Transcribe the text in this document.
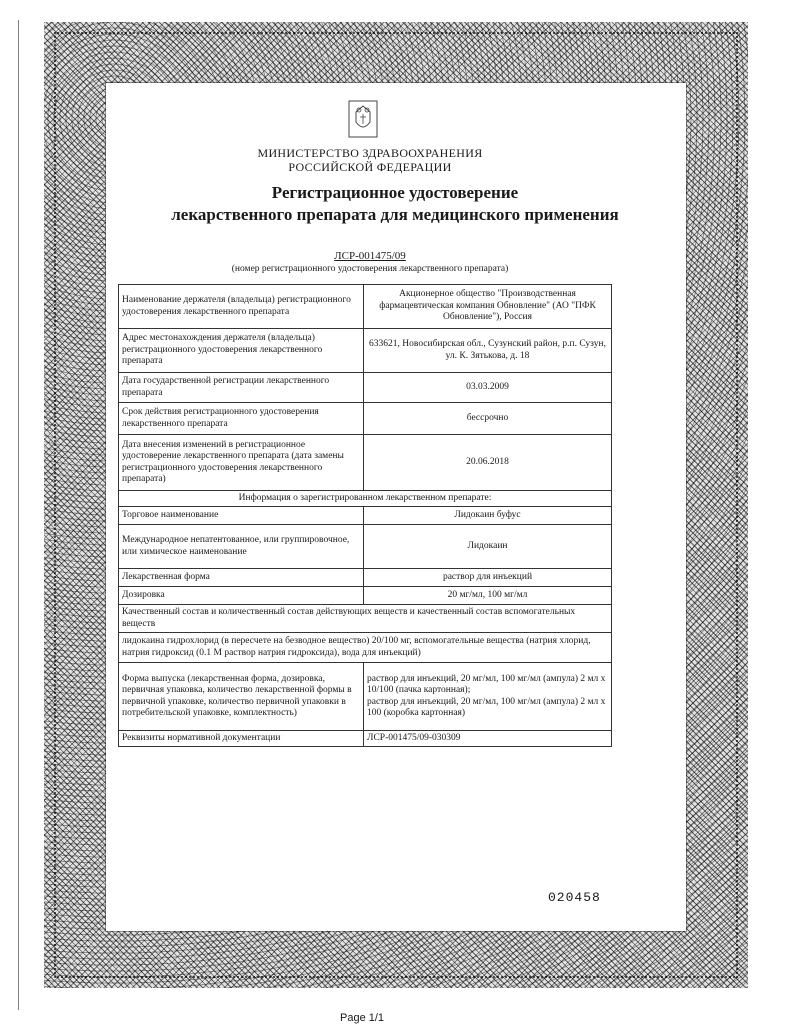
МИНИСТЕРСТВО ЗДРАВООХРАНЕНИЯ
РОССИЙСКОЙ ФЕДЕРАЦИИ
Регистрационное удостоверение
лекарственного препарата для медицинского применения
ЛСР-001475/09
(номер регистрационного удостоверения лекарственного препарата)
Наименование держателя (владельца) регистрационного удостоверения лекарственного препарата	Акционерное общество "Производственная фармацевтическая компания Обновление" (АО "ПФК Обновление"), Россия
Адрес местонахождения держателя (владельца) регистрационного удостоверения лекарственного препарата	633621, Новосибирская обл., Сузунский район, р.п. Сузун, ул. К. Зятькова, д. 18
Дата государственной регистрации лекарственного препарата	03.03.2009
Срок действия регистрационного удостоверения лекарственного препарата	бессрочно
Дата внесения изменений в регистрационное удостоверение лекарственного препарата (дата замены регистрационного удостоверения лекарственного препарата)	20.06.2018
Информация о зарегистрированном лекарственном препарате:	
Торговое наименование	Лидокаин буфус
Международное непатентованное, или группировочное, или химическое наименование	Лидокаин
Лекарственная форма	раствор для инъекций
Дозировка	20 мг/мл, 100 мг/мл
Качественный состав и количественный состав действующих веществ и качественный состав вспомогательных веществ	
лидокаина гидрохлорид (в пересчете на безводное вещество) 20/100 мг, вспомогательные вещества (натрия хлорид, натрия гидроксид (0.1 М раствор натрия гидроксида), вода для инъекций)	
Форма выпуска (лекарственная форма, дозировка, первичная упаковка, количество лекарственной формы в первичной упаковке, количество первичной упаковки в потребительской упаковке, комплектность)	раствор для инъекций, 20 мг/мл, 100 мг/мл (ампула) 2 мл x 10/100 (пачка картонная);
раствор для инъекций, 20 мг/мл, 100 мг/мл (ампула) 2 мл x 100 (коробка картонная)

Реквизиты нормативной документации	ЛСР-001475/09-030309
020458
Page 1/1
